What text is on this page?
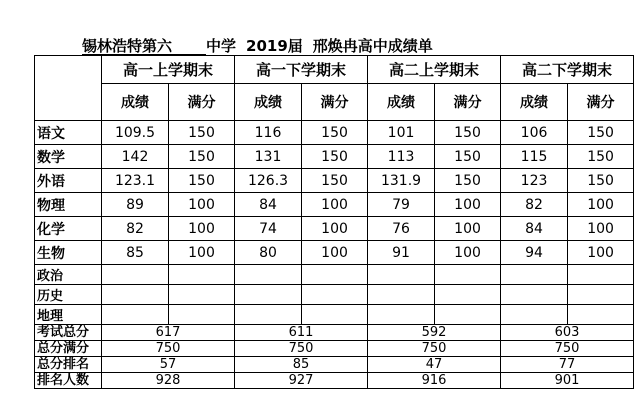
锡林浩特第六 中学 2019届 邢焕冉高中成绩单
	高一上学期末		高一下学期末		高二上学期末		高二下学期末	
	成绩	满分	成绩	满分	成绩	满分	成绩	满分
语文	109.5	150	116	150	101	150	106	150
数学	142	150	131	150	113	150	115	150
外语	123.1	150	126.3	150	131.9	150	123	150
物理	89	100	84	100	79	100	82	100
化学	82	100	74	100	76	100	84	100
生物	85	100	80	100	91	100	94	100
政治								
历史								
地理								
考试总分	617		611		592		603	
总分满分	750		750		750		750	
总分排名	57		85		47		77	
排名人数	928		927		916		901	
